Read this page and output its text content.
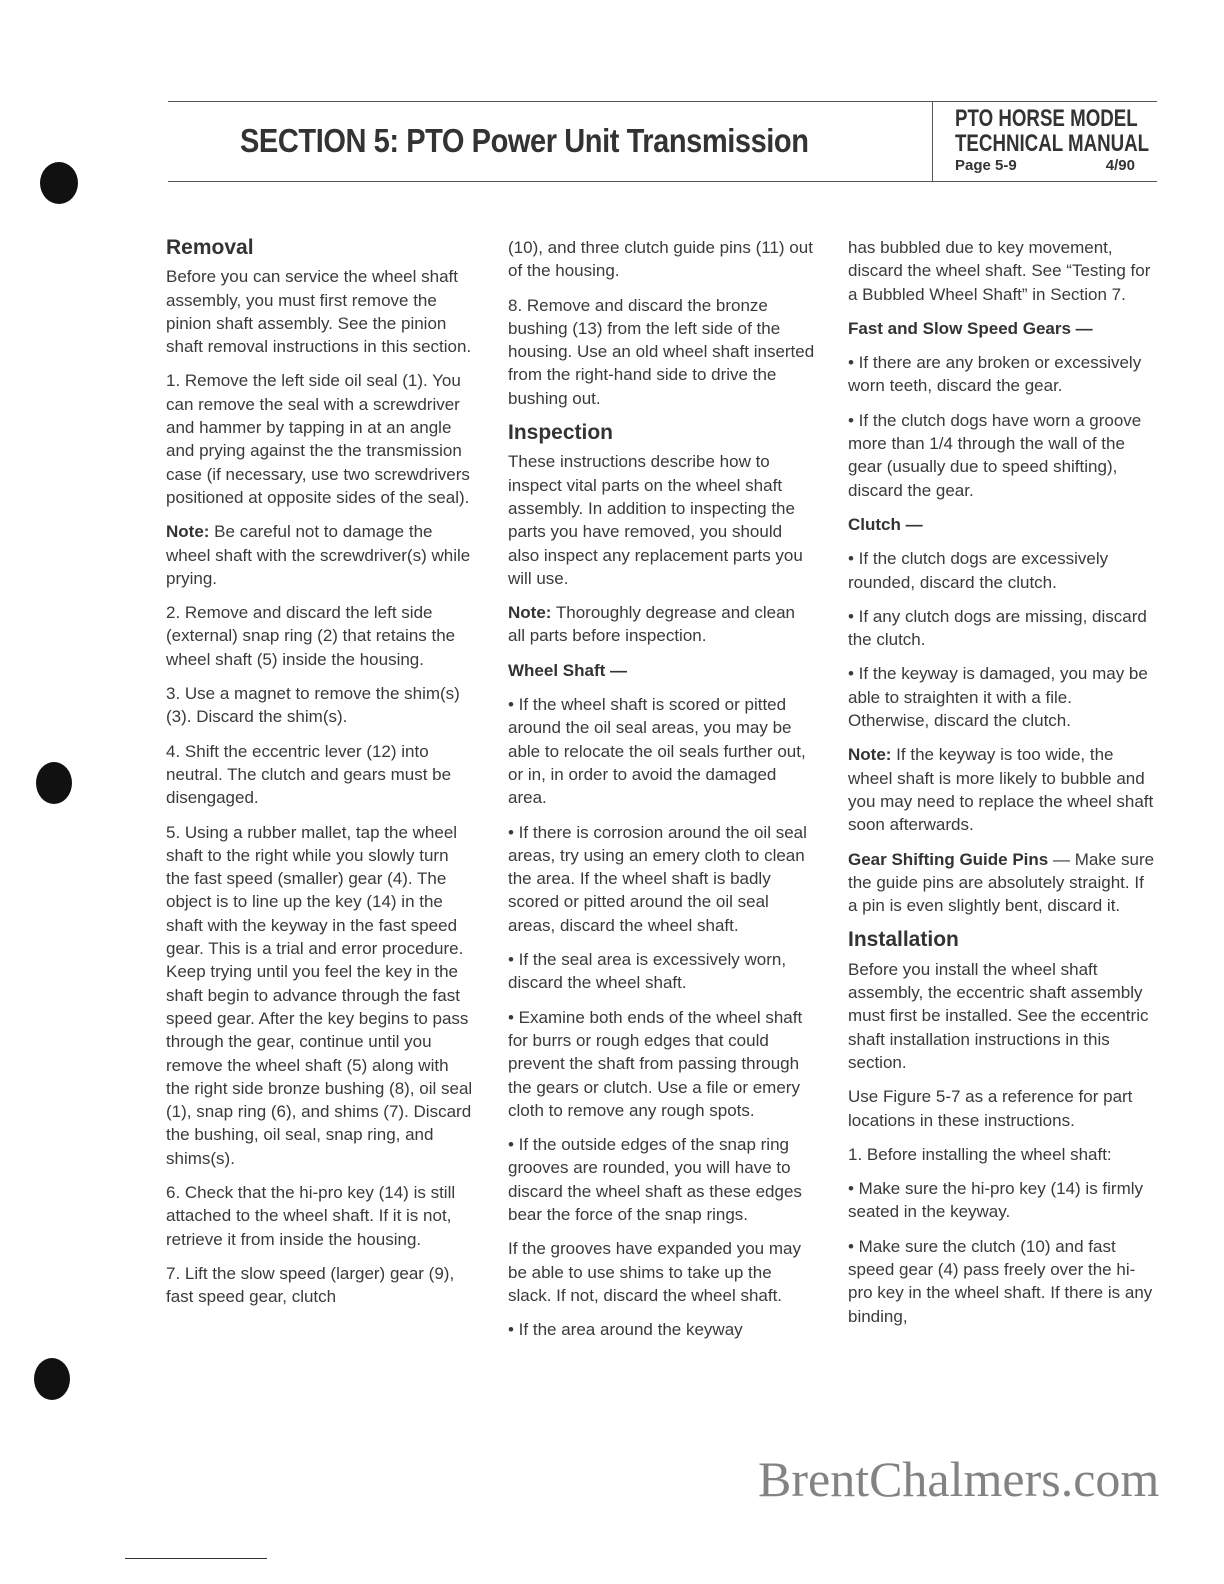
SECTION 5: PTO Power Unit Transmission
PTO HORSE MODEL
TECHNICAL MANUAL
Page 5-9	4/90
Removal

Before you can service the wheel shaft assembly, you must first remove the pinion shaft assembly. See the pinion shaft removal instructions in this section.

1. Remove the left side oil seal (1). You can remove the seal with a screwdriver and hammer by tapping in at an angle and prying against the the transmission case (if necessary, use two screwdrivers positioned at opposite sides of the seal).

Note: Be careful not to damage the wheel shaft with the screwdriver(s) while prying.

2. Remove and discard the left side (external) snap ring (2) that retains the wheel shaft (5) inside the housing.

3. Use a magnet to remove the shim(s) (3). Discard the shim(s).

4. Shift the eccentric lever (12) into neutral. The clutch and gears must be disengaged.

5. Using a rubber mallet, tap the wheel shaft to the right while you slowly turn the fast speed (smaller) gear (4). The object is to line up the key (14) in the shaft with the keyway in the fast speed gear. This is a trial and error procedure. Keep trying until you feel the key in the shaft begin to advance through the fast speed gear. After the key begins to pass through the gear, continue until you remove the wheel shaft (5) along with the right side bronze bushing (8), oil seal (1), snap ring (6), and shims (7). Discard the bushing, oil seal, snap ring, and shims(s).

6. Check that the hi-pro key (14) is still attached to the wheel shaft. If it is not, retrieve it from inside the housing.

7. Lift the slow speed (larger) gear (9), fast speed gear, clutch

(10), and three clutch guide pins (11) out of the housing.

8. Remove and discard the bronze bushing (13) from the left side of the housing. Use an old wheel shaft inserted from the right-hand side to drive the bushing out.

Inspection

These instructions describe how to inspect vital parts on the wheel shaft assembly. In addition to inspecting the parts you have removed, you should also inspect any replacement parts you will use.

Note: Thoroughly degrease and clean all parts before inspection.

Wheel Shaft —

• If the wheel shaft is scored or pitted around the oil seal areas, you may be able to relocate the oil seals further out, or in, in order to avoid the damaged area.

• If there is corrosion around the oil seal areas, try using an emery cloth to clean the area. If the wheel shaft is badly scored or pitted around the oil seal areas, discard the wheel shaft.

• If the seal area is excessively worn, discard the wheel shaft.

• Examine both ends of the wheel shaft for burrs or rough edges that could prevent the shaft from passing through the gears or clutch. Use a file or emery cloth to remove any rough spots.

• If the outside edges of the snap ring grooves are rounded, you will have to discard the wheel shaft as these edges bear the force of the snap rings.

If the grooves have expanded you may be able to use shims to take up the slack. If not, discard the wheel shaft.

• If the area around the keyway

has bubbled due to key movement, discard the wheel shaft. See “Testing for a Bubbled Wheel Shaft” in Section 7.

Fast and Slow Speed Gears —

• If there are any broken or excessively worn teeth, discard the gear.

• If the clutch dogs have worn a groove more than 1/4 through the wall of the gear (usually due to speed shifting), discard the gear.

Clutch —

• If the clutch dogs are excessively rounded, discard the clutch.

• If any clutch dogs are missing, discard the clutch.

• If the keyway is damaged, you may be able to straighten it with a file. Otherwise, discard the clutch.

Note: If the keyway is too wide, the wheel shaft is more likely to bubble and you may need to replace the wheel shaft soon afterwards.

Gear Shifting Guide Pins — Make sure the guide pins are absolutely straight. If a pin is even slightly bent, discard it.

Installation

Before you install the wheel shaft assembly, the eccentric shaft assembly must first be installed. See the eccentric shaft installation instructions in this section.

Use Figure 5-7 as a reference for part locations in these instructions.

1. Before installing the wheel shaft:

• Make sure the hi-pro key (14) is firmly seated in the keyway.

• Make sure the clutch (10) and fast speed gear (4) pass freely over the hi-pro key in the wheel shaft. If there is any binding,

BrentChalmers.com
